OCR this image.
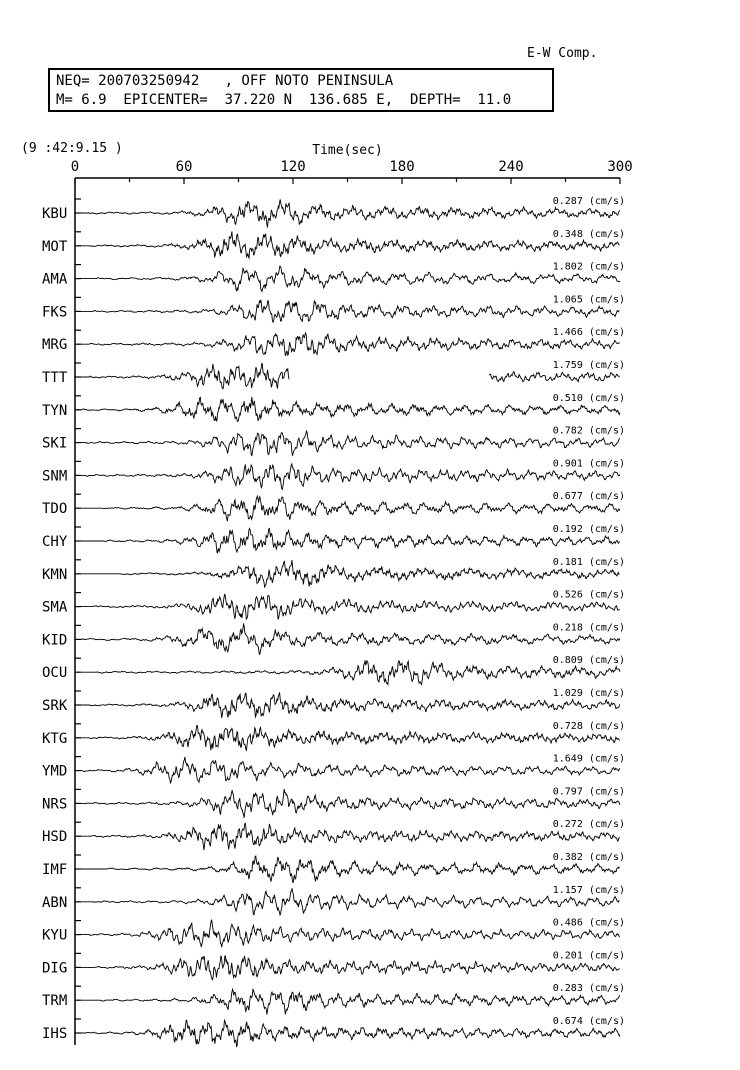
E-W Comp.
NEQ= 200703250942   , OFF NOTO PENINSULA
M= 6.9  EPICENTER=  37.220 N  136.685 E,  DEPTH=  11.0
(9 :42:9.15 )	Time(sec)
0	60	120	180	240	300
KBU
0.287 (cm/s)
MOT
0.348 (cm/s)
AMA
1.802 (cm/s)
FKS
1.065 (cm/s)
MRG
1.466 (cm/s)
TTT
1.759 (cm/s)
TYN
0.510 (cm/s)
SKI
0.782 (cm/s)
SNM
0.901 (cm/s)
TDO
0.677 (cm/s)
CHY
0.192 (cm/s)
KMN
0.181 (cm/s)
SMA
0.526 (cm/s)
KID
0.218 (cm/s)
OCU
0.809 (cm/s)
SRK
1.029 (cm/s)
KTG
0.728 (cm/s)
YMD
1.649 (cm/s)
NRS
0.797 (cm/s)
HSD
0.272 (cm/s)
IMF
0.382 (cm/s)
ABN
1.157 (cm/s)
KYU
0.486 (cm/s)
DIG
0.201 (cm/s)
TRM
0.283 (cm/s)
IHS
0.674 (cm/s)
